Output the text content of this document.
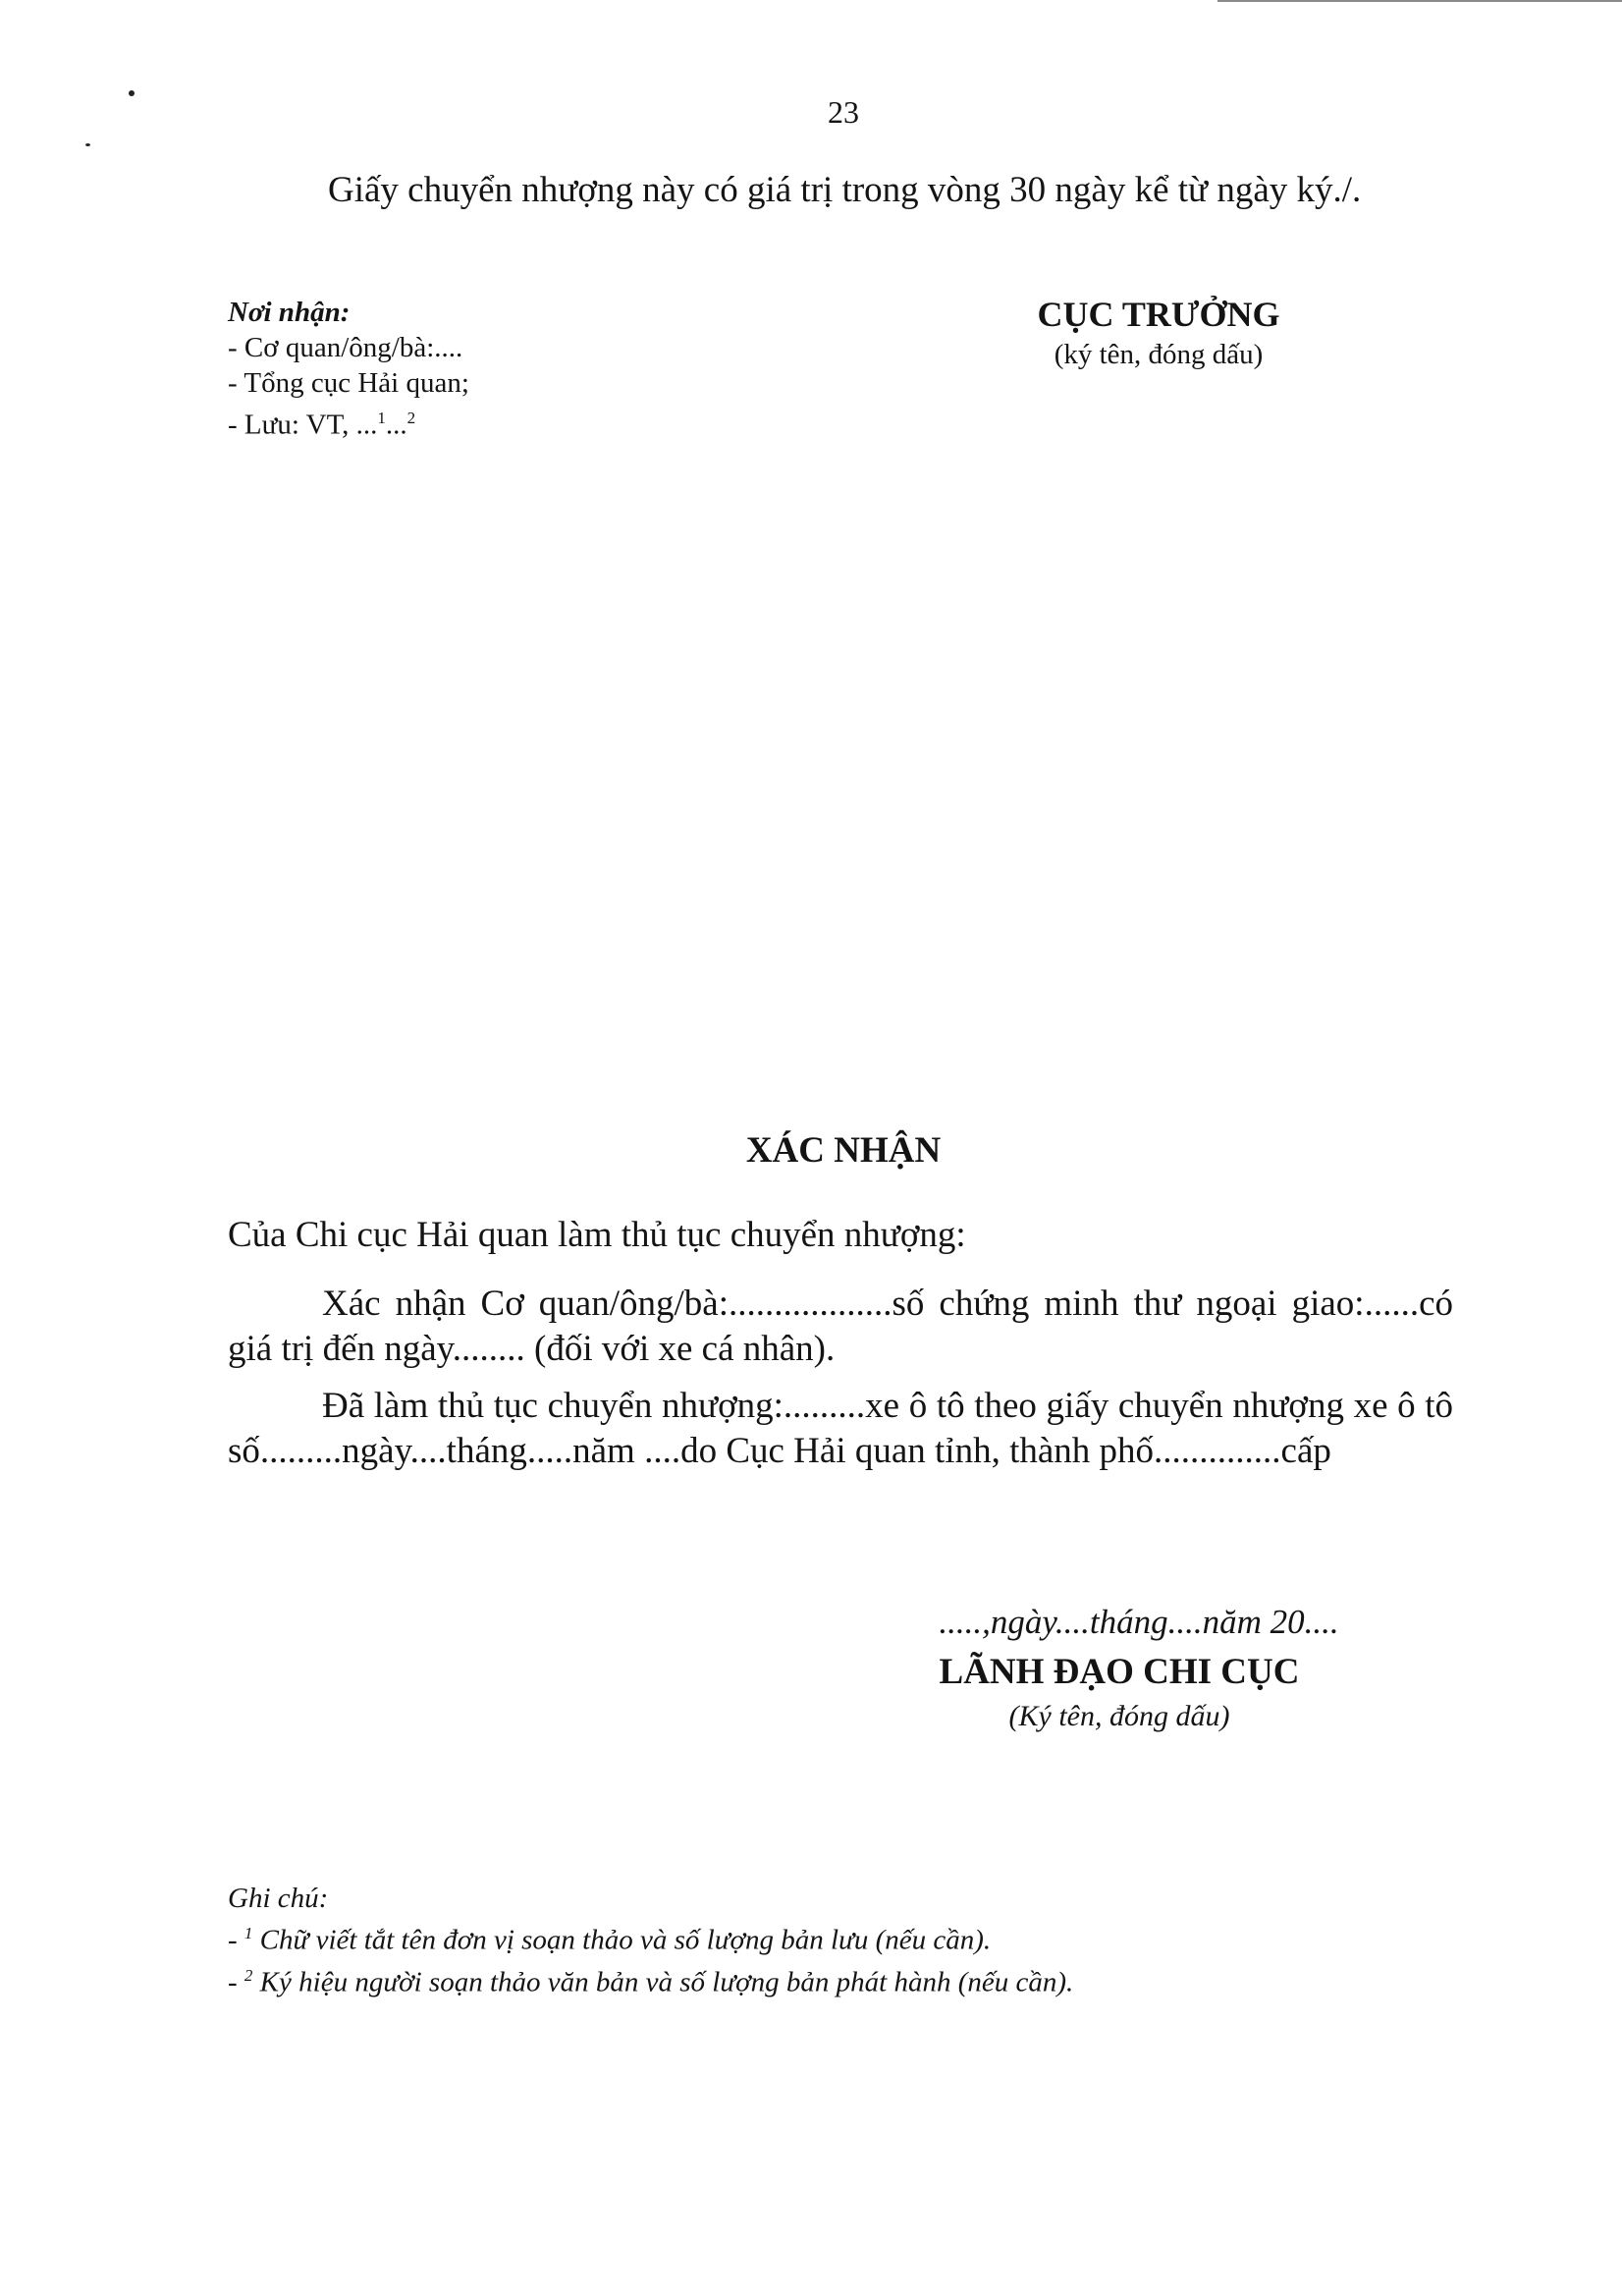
23
Giấy chuyển nhượng này có giá trị trong vòng 30 ngày kể từ ngày ký./.
Nơi nhận:
- Cơ quan/ông/bà:....
- Tổng cục Hải quan;
- Lưu: VT, ...$^1$...$^2$
CỤC TRƯỞNG
(ký tên, đóng dấu)
XÁC NHẬN
Của Chi cục Hải quan làm thủ tục chuyển nhượng:
Xác nhận Cơ quan/ông/bà:..................số chứng minh thư ngoại giao:......có giá trị đến ngày........ (đối với xe cá nhân).
Đã làm thủ tục chuyển nhượng:.........xe ô tô theo giấy chuyển nhượng xe ô tô số.........ngày....tháng.....năm ....do Cục Hải quan tỉnh, thành phố..............cấp
.....,ngày....tháng....năm 20....
LÃNH ĐẠO CHI CỤC
(Ký tên, đóng dấu)
Ghi chú:
- $^1$ Chữ viết tắt tên đơn vị soạn thảo và số lượng bản lưu (nếu cần).
- $^2$ Ký hiệu người soạn thảo văn bản và số lượng bản phát hành (nếu cần).
